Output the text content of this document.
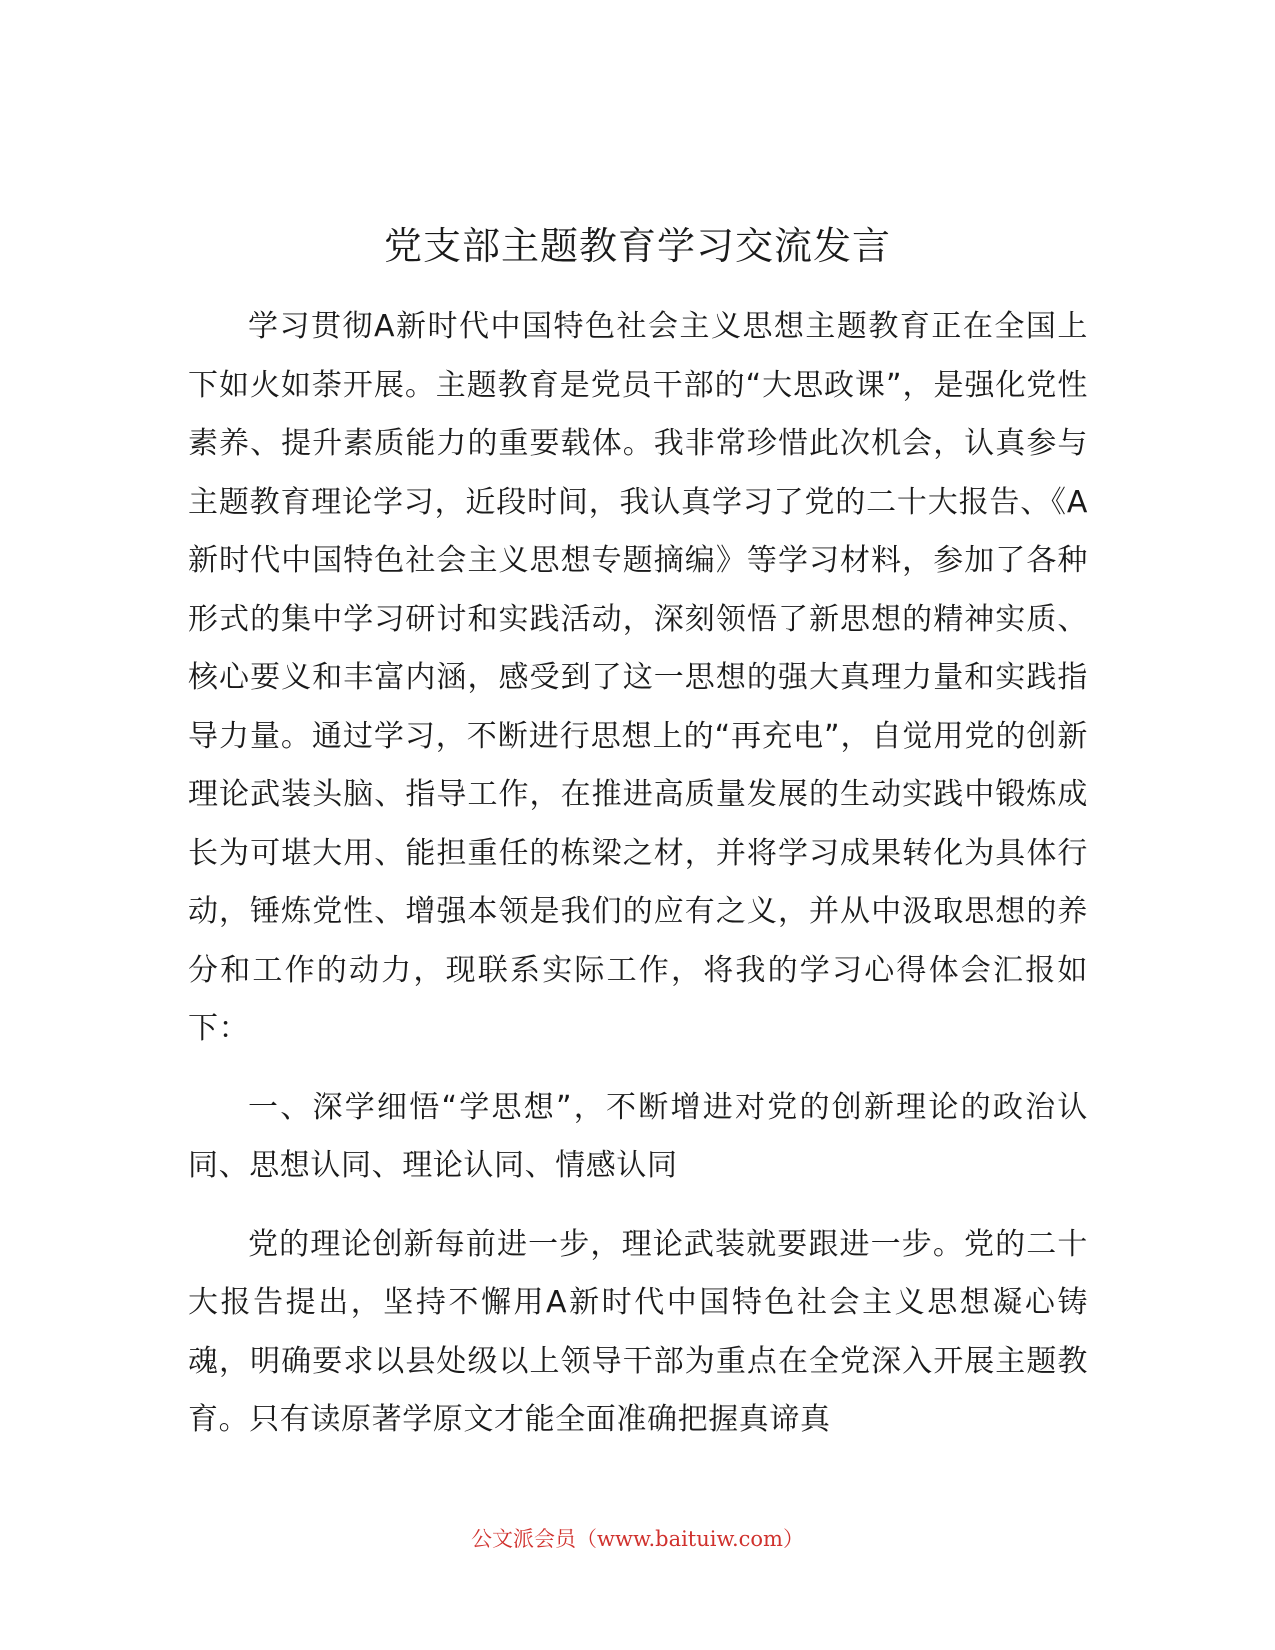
党支部主题教育学习交流发言

学习贯彻A新时代中国特色社会主义思想主题教育正在全国上下如火如荼开展。主题教育是党员干部的“大思政课”，是强化党性素养、提升素质能力的重要载体。我非常珍惜此次机会，认真参与主题教育理论学习，近段时间，我认真学习了党的二十大报告、《A新时代中国特色社会主义思想专题摘编》等学习材料，参加了各种形式的集中学习研讨和实践活动，深刻领悟了新思想的精神实质、核心要义和丰富内涵，感受到了这一思想的强大真理力量和实践指导力量。通过学习，不断进行思想上的“再充电”，自觉用党的创新理论武装头脑、指导工作，在推进高质量发展的生动实践中锻炼成长为可堪大用、能担重任的栋梁之材，并将学习成果转化为具体行动，锤炼党性、增强本领是我们的应有之义，并从中汲取思想的养分和工作的动力，现联系实际工作，将我的学习心得体会汇报如下：

一、深学细悟“学思想”，不断增进对党的创新理论的政治认同、思想认同、理论认同、情感认同

党的理论创新每前进一步，理论武装就要跟进一步。党的二十大报告提出，坚持不懈用A新时代中国特色社会主义思想凝心铸魂，明确要求以县处级以上领导干部为重点在全党深入开展主题教育。只有读原著学原文才能全面准确把握真谛真

公文派会员（www.baituiw.com）
